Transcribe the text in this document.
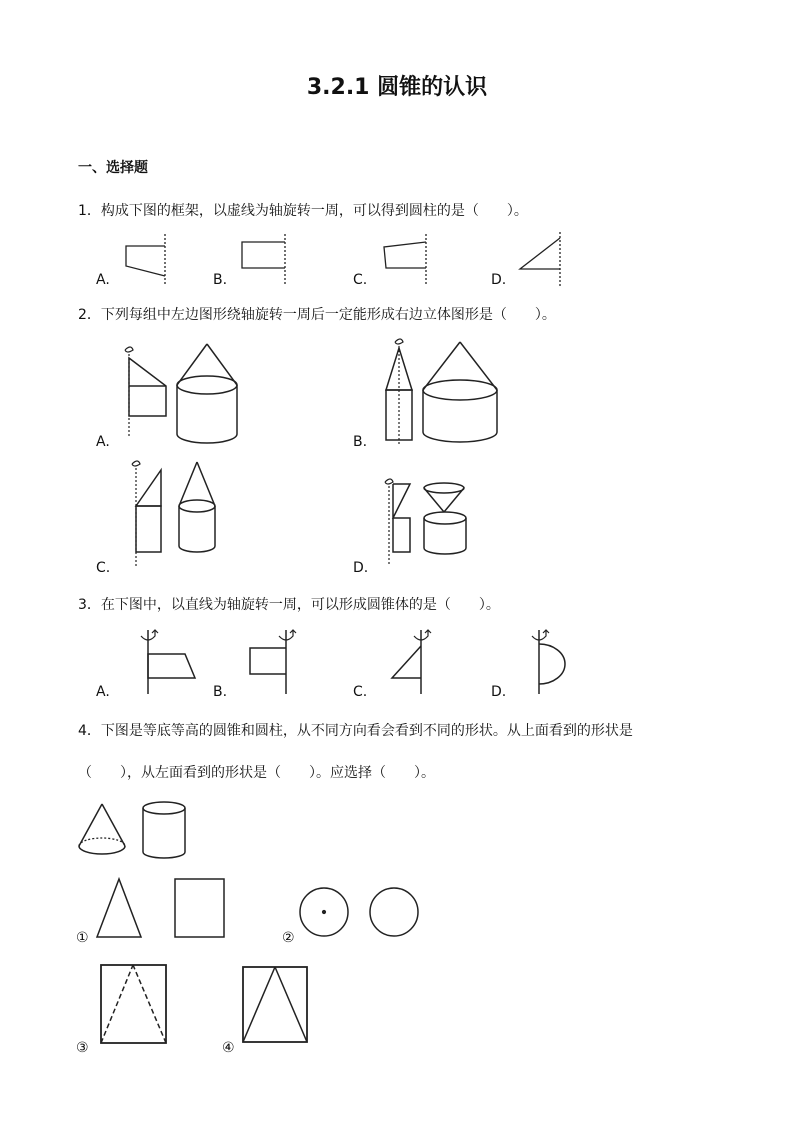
3.2.1 圆锥的认识
一、选择题
1．构成下图的框架，以虚线为轴旋转一周，可以得到圆柱的是（　　）。
A.	B.	C.	D.
2．下列每组中左边图形绕轴旋转一周后一定能形成右边立体图形是（　　）。
A.	B.
C.	D.
3．在下图中，以直线为轴旋转一周，可以形成圆锥体的是（　　）。
A.	B.	C.	D.
4．下图是等底等高的圆锥和圆柱，从不同方向看会看到不同的形状。从上面看到的形状是
（　　），从左面看到的形状是（　　）。应选择（　　）。
①	②
③	④
